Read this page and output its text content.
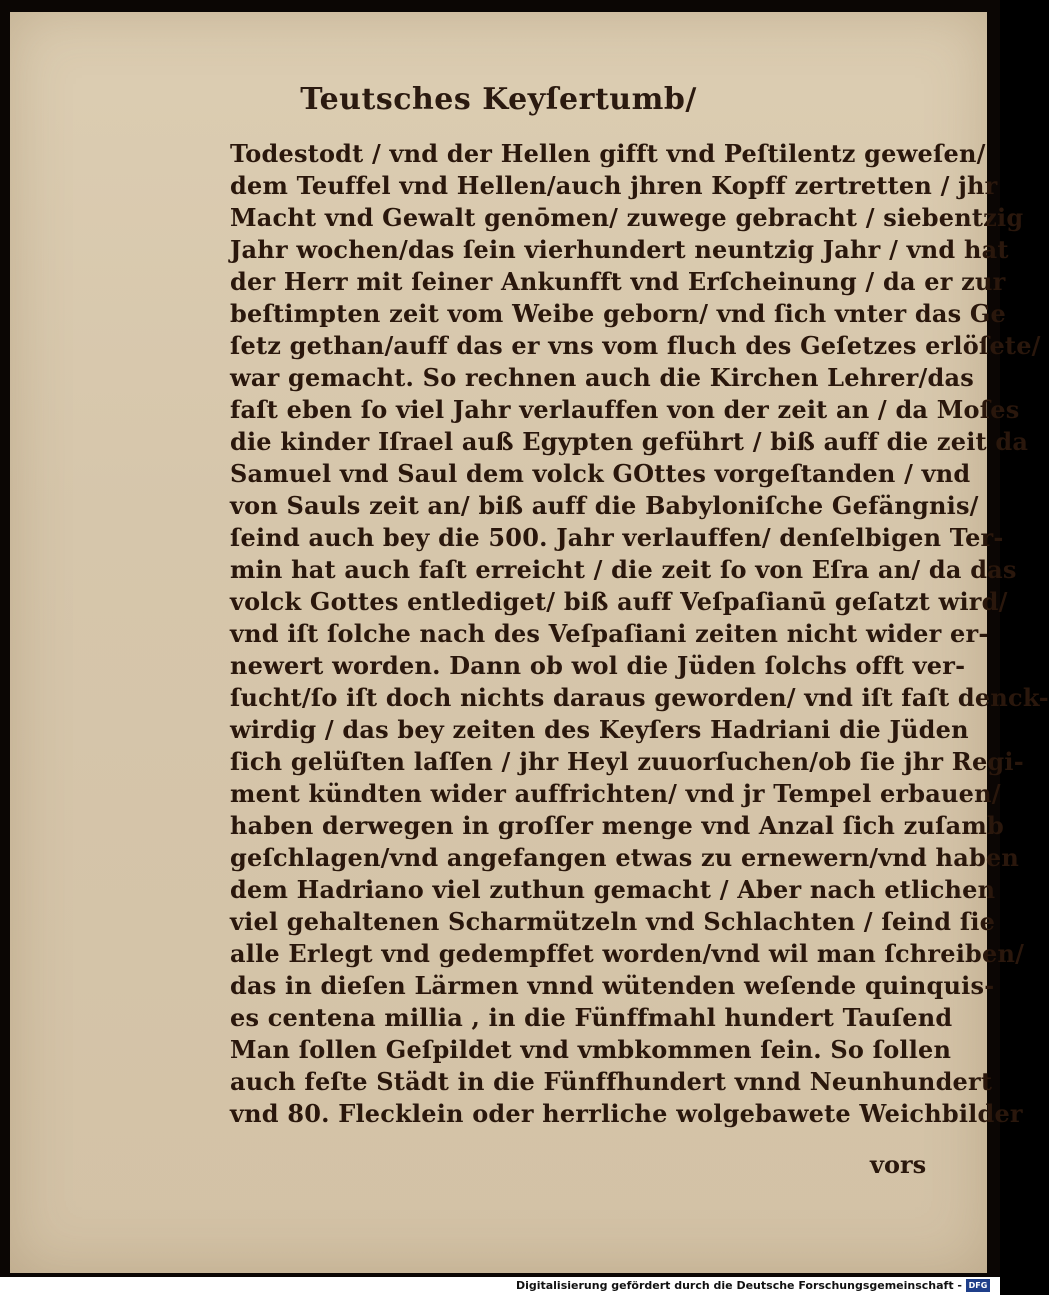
Teutsches Keyſertumb/
Todestodt / vnd der Hellen gifft vnd Peſtilentz geweſen/
dem Teuffel vnd Hellen/auch jhren Kopff zertretten / jhr
Macht vnd Gewalt genōmen/ zuwege gebracht / siebentzig
Jahr wochen/das ſein vierhundert neuntzig Jahr / vnd hat
der Herr mit ſeiner Ankunfft vnd Erſcheinung / da er zur
beſtimpten zeit vom Weibe geborn/ vnd ſich vnter das Ge
ſetz gethan/auff das er vns vom fluch des Geſetzes erlöſete/
war gemacht. So rechnen auch die Kirchen Lehrer/das
faſt eben ſo viel Jahr verlauffen von der zeit an / da Moſes
die kinder Iſrael auß Egypten geführt / biß auff die zeit da
Samuel vnd Saul dem volck GOttes vorgeſtanden / vnd
von Sauls zeit an/ biß auff die Babyloniſche Gefängnis/
ſeind auch bey die 500. Jahr verlauffen/ denſelbigen Ter-
min hat auch faſt erreicht / die zeit ſo von Eſra an/ da das
volck Gottes entlediget/ biß auff Veſpaſianū geſatzt wird/
vnd iſt ſolche nach des Veſpaſiani zeiten nicht wider er-
newert worden. Dann ob wol die Jüden ſolchs offt ver-
ſucht/ſo iſt doch nichts daraus geworden/ vnd iſt faſt denck-
wirdig / das bey zeiten des Keyſers Hadriani die Jüden
ſich gelüſten laſſen / jhr Heyl zuuorſuchen/ob ſie jhr Regi-
ment kündten wider auffrichten/ vnd jr Tempel erbauen/
haben derwegen in groſſer menge vnd Anzal ſich zuſamb
geſchlagen/vnd angefangen etwas zu ernewern/vnd haben
dem Hadriano viel zuthun gemacht / Aber nach etlichen
viel gehaltenen Scharmützeln vnd Schlachten / ſeind ſie
alle Erlegt vnd gedempffet worden/vnd wil man ſchreiben/
das in dieſen Lärmen vnnd wütenden weſende quinquis-
es centena millia , in die Fünffmahl hundert Tauſend
Man ſollen Geſpildet vnd vmbkommen ſein. So ſollen
auch feſte Städt in die Fünffhundert vnnd Neunhundert
vnd 80. Flecklein oder herrliche wolgebawete Weichbilder
vors
Digitalisierung gefördert durch die Deutsche Forschungsgemeinschaft - DFG
